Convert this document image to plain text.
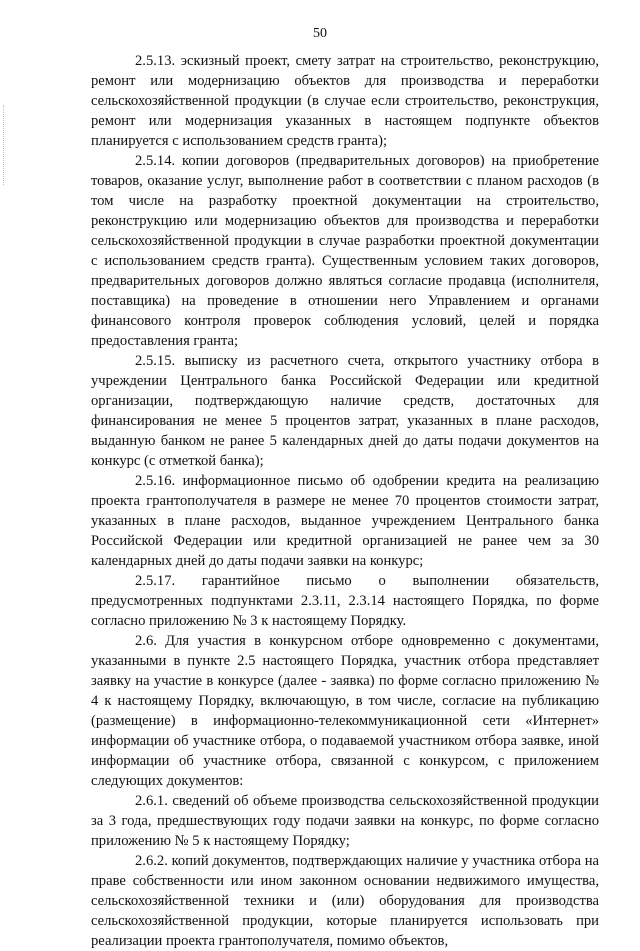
50

2.5.13. эскизный проект, смету затрат на строительство, реконструкцию, ремонт или модернизацию объектов для производства и переработки сельскохозяйственной продукции (в случае если строительство, реконструкция, ремонт или модернизация указанных в настоящем подпункте объектов планируется с использованием средств гранта);

2.5.14. копии договоров (предварительных договоров) на приобретение товаров, оказание услуг, выполнение работ в соответствии с планом расходов (в том числе на разработку проектной документации на строительство, реконструкцию или модернизацию объектов для производства и переработки сельскохозяйственной продукции в случае разработки проектной документации с использованием средств гранта). Существенным условием таких договоров, предварительных договоров должно являться согласие продавца (исполнителя, поставщика) на проведение в отношении него Управлением и органами финансового контроля проверок соблюдения условий, целей и порядка предоставления гранта;

2.5.15. выписку из расчетного счета, открытого участнику отбора в учреждении Центрального банка Российской Федерации или кредитной организации, подтверждающую наличие средств, достаточных для финансирования не менее 5 процентов затрат, указанных в плане расходов, выданную банком не ранее 5 календарных дней до даты подачи документов на конкурс (с отметкой банка);

2.5.16. информационное письмо об одобрении кредита на реализацию проекта грантополучателя в размере не менее 70 процентов стоимости затрат, указанных в плане расходов, выданное учреждением Центрального банка Российской Федерации или кредитной организацией не ранее чем за 30 календарных дней до даты подачи заявки на конкурс;

2.5.17. гарантийное письмо о выполнении обязательств, предусмотренных подпунктами 2.3.11, 2.3.14 настоящего Порядка, по форме согласно приложению № 3 к настоящему Порядку.

2.6. Для участия в конкурсном отборе одновременно с документами, указанными в пункте 2.5 настоящего Порядка, участник отбора представляет заявку на участие в конкурсе (далее - заявка) по форме согласно приложению № 4 к настоящему Порядку, включающую, в том числе, согласие на публикацию (размещение) в информационно-телекоммуникационной сети «Интернет» информации об участнике отбора, о подаваемой участником отбора заявке, иной информации об участнике отбора, связанной с конкурсом, с приложением следующих документов:

2.6.1. сведений об объеме производства сельскохозяйственной продукции за 3 года, предшествующих году подачи заявки на конкурс, по форме согласно приложению № 5 к настоящему Порядку;

2.6.2. копий документов, подтверждающих наличие у участника отбора на праве собственности или ином законном основании недвижимого имущества, сельскохозяйственной техники и (или) оборудования для производства сельскохозяйственной продукции, которые планируется использовать при реализации проекта грантополучателя, помимо объектов,
